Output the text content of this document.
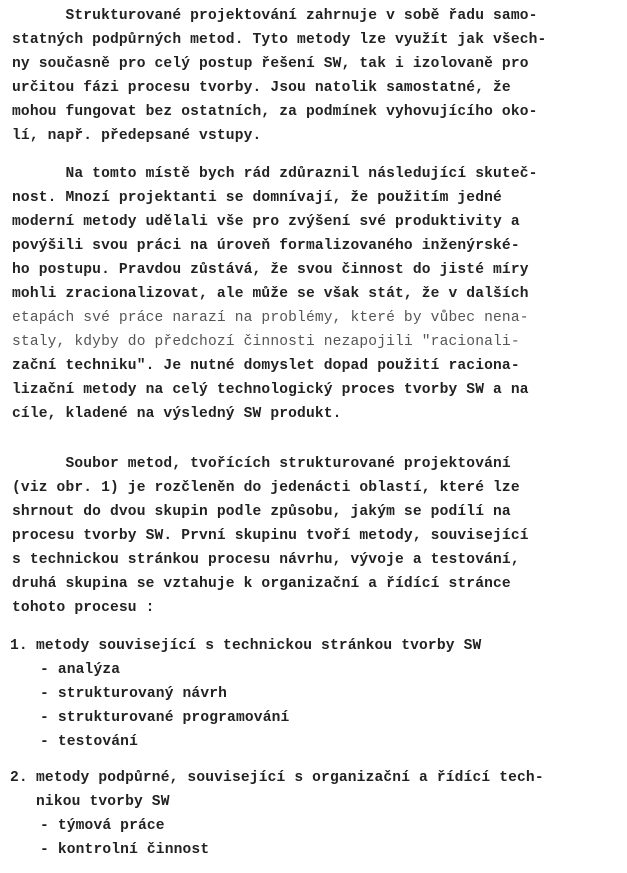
Strukturované projektování zahrnuje v sobě řadu samo-
statných podpůrných metod. Tyto metody lze využít jak všech-
ny současně pro celý postup řešení SW, tak i izolovaně pro
určitou fázi procesu tvorby. Jsou natolik samostatné, že
mohou fungovat bez ostatních, za podmínek vyhovujícího oko-
lí, např. předepsané vstupy.
Na tomto místě bych rád zdůraznil následující skuteč-
nost. Mnozí projektanti se domnívají, že použitím jedné
moderní metody udělali vše pro zvýšení své produktivity a
povýšili svou práci na úroveň formalizovaného inženýrské-
ho postupu. Pravdou zůstává, že svou činnost do jisté míry
mohli zracionalizovat, ale může se však stát, že v dalších
etapách své práce narazí na problémy, které by vůbec nena-
staly, kdyby do předchozí činnosti nezapojili "racionali-
zační techniku". Je nutné domyslet dopad použití raciona-
lizační metody na celý technologický proces tvorby SW a na
cíle, kladené na výsledný SW produkt.
Soubor metod, tvořících strukturované projektování
(viz obr. 1) je rozčleněn do jedenácti oblastí, které lze
shrnout do dvou skupin podle způsobu, jakým se podílí na
procesu tvorby SW. První skupinu tvoří metody, související
s technickou stránkou procesu návrhu, vývoje a testování,
druhá skupina se vztahuje k organizační a řídící stránce
tohoto procesu :
1. metody související s technickou stránkou tvorby SW
- analýza
- strukturovaný návrh
- strukturované programování
- testování
2. metody podpůrné, související s organizační a řídící tech-
nikou tvorby SW
- týmová práce
- kontrolní činnost
